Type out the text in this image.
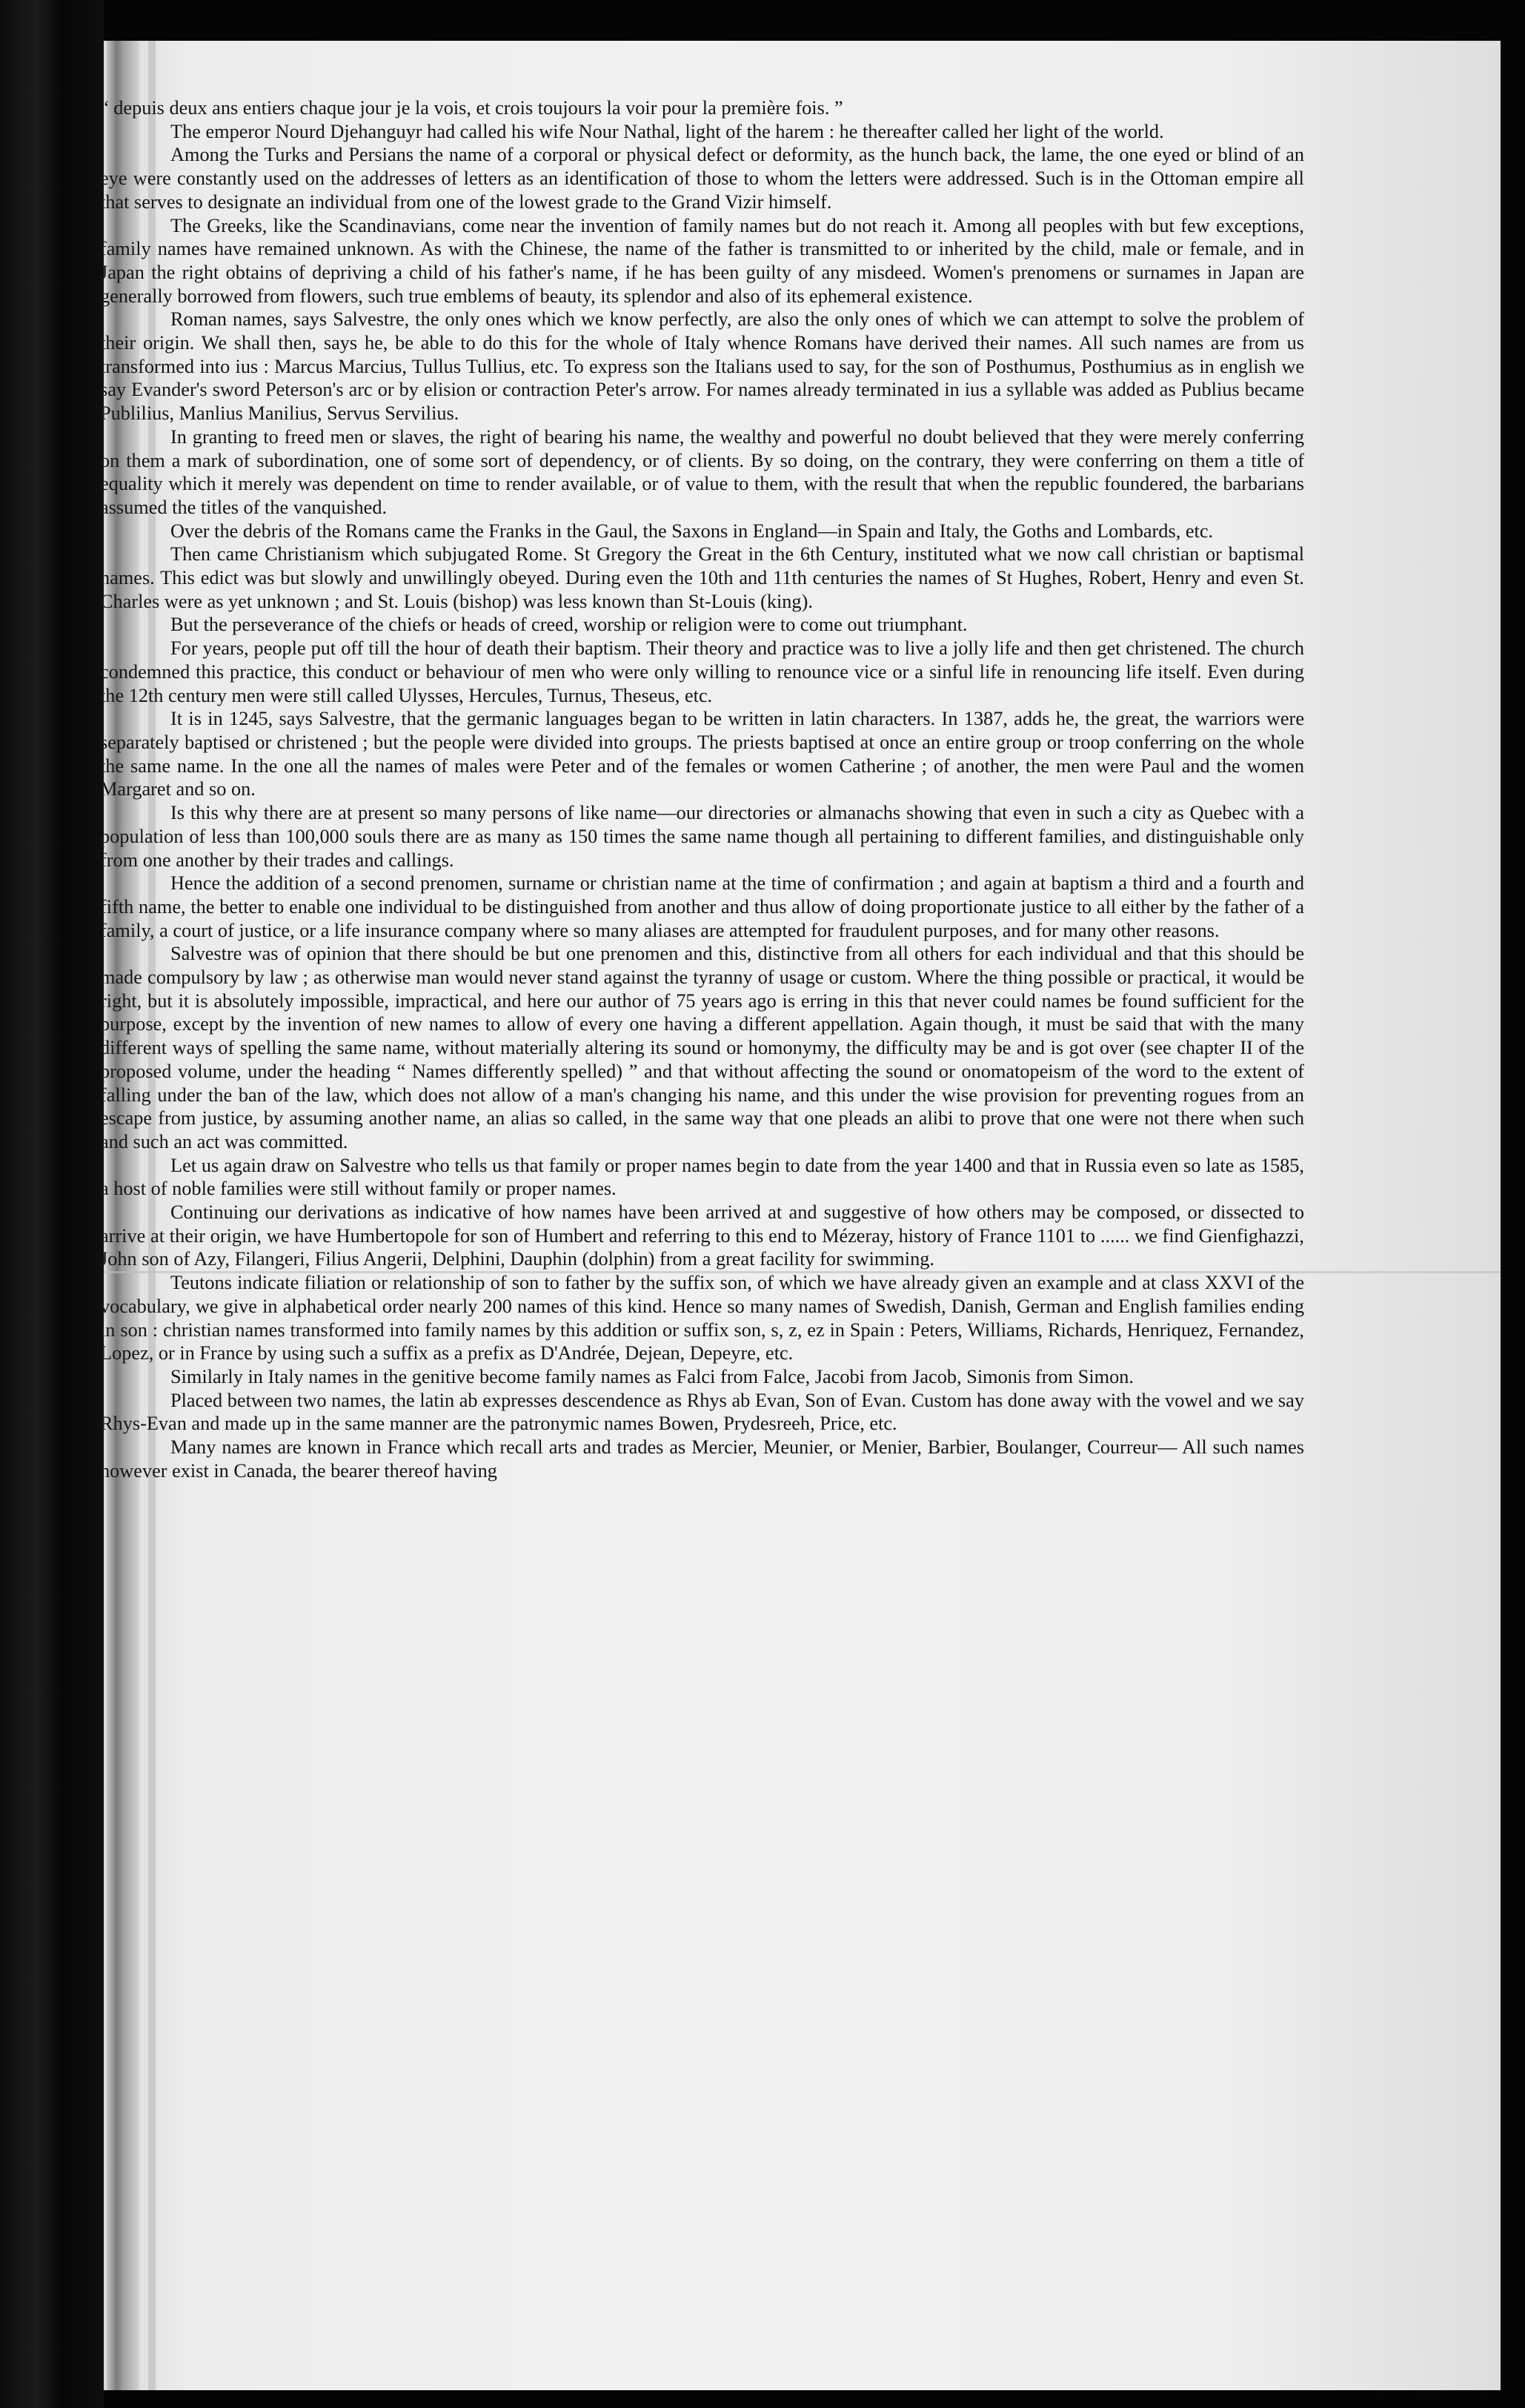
“ depuis deux ans entiers chaque jour je la vois, et crois toujours la voir pour la première fois. ”

The emperor Nourd Djehanguyr had called his wife Nour Nathal, light of the harem : he thereafter called her light of the world.

Among the Turks and Persians the name of a corporal or physical defect or deformity, as the hunch back, the lame, the one eyed or blind of an eye were constantly used on the addresses of letters as an identification of those to whom the letters were addressed. Such is in the Ottoman empire all that serves to designate an individual from one of the lowest grade to the Grand Vizir himself.

The Greeks, like the Scandinavians, come near the invention of family names but do not reach it. Among all peoples with but few exceptions, family names have remained unknown. As with the Chinese, the name of the father is transmitted to or inherited by the child, male or female, and in Japan the right obtains of depriving a child of his father's name, if he has been guilty of any misdeed. Women's prenomens or surnames in Japan are generally borrowed from flowers, such true emblems of beauty, its splendor and also of its ephemeral existence.

Roman names, says Salvestre, the only ones which we know perfectly, are also the only ones of which we can attempt to solve the problem of their origin. We shall then, says he, be able to do this for the whole of Italy whence Romans have derived their names. All such names are from us transformed into ius : Marcus Marcius, Tullus Tullius, etc. To express son the Italians used to say, for the son of Posthumus, Posthumius as in english we say Evander's sword Peterson's arc or by elision or contraction Peter's arrow. For names already terminated in ius a syllable was added as Publius became Publilius, Manlius Manilius, Servus Servilius.

In granting to freed men or slaves, the right of bearing his name, the wealthy and powerful no doubt believed that they were merely conferring on them a mark of subordination, one of some sort of dependency, or of clients. By so doing, on the contrary, they were conferring on them a title of equality which it merely was dependent on time to render available, or of value to them, with the result that when the republic foundered, the barbarians assumed the titles of the vanquished.

Over the debris of the Romans came the Franks in the Gaul, the Saxons in England—in Spain and Italy, the Goths and Lombards, etc.

Then came Christianism which subjugated Rome. St Gregory the Great in the 6th Century, instituted what we now call christian or baptismal names. This edict was but slowly and unwillingly obeyed. During even the 10th and 11th centuries the names of St Hughes, Robert, Henry and even St. Charles were as yet unknown ; and St. Louis (bishop) was less known than St-Louis (king).

But the perseverance of the chiefs or heads of creed, worship or religion were to come out triumphant.

For years, people put off till the hour of death their baptism. Their theory and practice was to live a jolly life and then get christened. The church condemned this practice, this conduct or behaviour of men who were only willing to renounce vice or a sinful life in renouncing life itself. Even during the 12th century men were still called Ulysses, Hercules, Turnus, Theseus, etc.

It is in 1245, says Salvestre, that the germanic languages began to be written in latin characters. In 1387, adds he, the great, the warriors were separately baptised or christened ; but the people were divided into groups. The priests baptised at once an entire group or troop conferring on the whole the same name. In the one all the names of males were Peter and of the females or women Catherine ; of another, the men were Paul and the women Margaret and so on.

Is this why there are at present so many persons of like name—our directories or almanachs showing that even in such a city as Quebec with a population of less than 100,000 souls there are as many as 150 times the same name though all pertaining to different families, and distinguishable only from one another by their trades and callings.

Hence the addition of a second prenomen, surname or christian name at the time of confirmation ; and again at baptism a third and a fourth and fifth name, the better to enable one individual to be distinguished from another and thus allow of doing proportionate justice to all either by the father of a family, a court of justice, or a life insurance company where so many aliases are attempted for fraudulent purposes, and for many other reasons.

Salvestre was of opinion that there should be but one prenomen and this, distinctive from all others for each individual and that this should be made compulsory by law ; as otherwise man would never stand against the tyranny of usage or custom. Where the thing possible or practical, it would be right, but it is absolutely impossible, impractical, and here our author of 75 years ago is erring in this that never could names be found sufficient for the purpose, except by the invention of new names to allow of every one having a different appellation. Again though, it must be said that with the many different ways of spelling the same name, without materially altering its sound or homonymy, the difficulty may be and is got over (see chapter II of the proposed volume, under the heading “ Names differently spelled) ” and that without affecting the sound or onomatopeism of the word to the extent of falling under the ban of the law, which does not allow of a man's changing his name, and this under the wise provision for preventing rogues from an escape from justice, by assuming another name, an alias so called, in the same way that one pleads an alibi to prove that one were not there when such and such an act was committed.

Let us again draw on Salvestre who tells us that family or proper names begin to date from the year 1400 and that in Russia even so late as 1585, a host of noble families were still without family or proper names.

Continuing our derivations as indicative of how names have been arrived at and suggestive of how others may be composed, or dissected to arrive at their origin, we have Humbertopole for son of Humbert and referring to this end to Mézeray, history of France 1101 to ...... we find Gienfighazzi, John son of Azy, Filangeri, Filius Angerii, Delphini, Dauphin (dolphin) from a great facility for swimming.

Teutons indicate filiation or relationship of son to father by the suffix son, of which we have already given an example and at class XXVI of the vocabulary, we give in alphabetical order nearly 200 names of this kind. Hence so many names of Swedish, Danish, German and English families ending in son : christian names transformed into family names by this addition or suffix son, s, z, ez in Spain : Peters, Williams, Richards, Henriquez, Fernandez, Lopez, or in France by using such a suffix as a prefix as D'Andrée, Dejean, Depeyre, etc.

Similarly in Italy names in the genitive become family names as Falci from Falce, Jacobi from Jacob, Simonis from Simon.

Placed between two names, the latin ab expresses descendence as Rhys ab Evan, Son of Evan. Custom has done away with the vowel and we say Rhys-Evan and made up in the same manner are the patronymic names Bowen, Prydesreeh, Price, etc.

Many names are known in France which recall arts and trades as Mercier, Meunier, or Menier, Barbier, Boulanger, Courreur— All such names however exist in Canada, the bearer thereof having
